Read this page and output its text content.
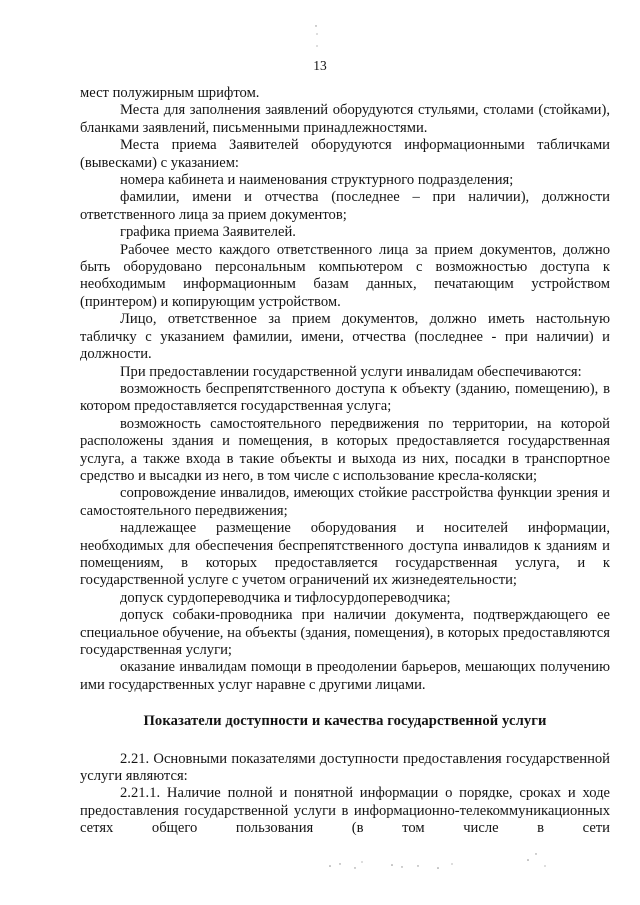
13

мест полужирным шрифтом.

Места для заполнения заявлений оборудуются стульями, столами (стойками), бланками заявлений, письменными принадлежностями.

Места приема Заявителей оборудуются информационными табличками (вывесками) с указанием:

номера кабинета и наименования структурного подразделения;

фамилии, имени и отчества (последнее – при наличии), должности ответственного лица за прием документов;

графика приема Заявителей.

Рабочее место каждого ответственного лица за прием документов, должно быть оборудовано персональным компьютером с возможностью доступа к необходимым информационным базам данных, печатающим устройством (принтером) и копирующим устройством.

Лицо, ответственное за прием документов, должно иметь настольную табличку с указанием фамилии, имени, отчества (последнее - при наличии) и должности.

При предоставлении государственной услуги инвалидам обеспечиваются:

возможность беспрепятственного доступа к объекту (зданию, помещению), в котором предоставляется государственная услуга;

возможность самостоятельного передвижения по территории, на которой расположены здания и помещения, в которых предоставляется государственная услуга, а также входа в такие объекты и выхода из них, посадки в транспортное средство и высадки из него, в том числе с использование кресла-коляски;

сопровождение инвалидов, имеющих стойкие расстройства функции зрения и самостоятельного передвижения;

надлежащее размещение оборудования и носителей информации, необходимых для обеспечения беспрепятственного доступа инвалидов к зданиям и помещениям, в которых предоставляется государственная услуга, и к государственной услуге с учетом ограничений их жизнедеятельности;

допуск сурдопереводчика и тифлосурдопереводчика;

допуск собаки-проводника при наличии документа, подтверждающего ее специальное обучение, на объекты (здания, помещения), в которых предоставляются государственная услуги;

оказание инвалидам помощи в преодолении барьеров, мешающих получению ими государственных услуг наравне с другими лицами.

Показатели доступности и качества государственной услуги

2.21. Основными показателями доступности предоставления государственной услуги являются:

2.21.1. Наличие полной и понятной информации о порядке, сроках и ходе предоставления государственной услуги в информационно-телекоммуникационных сетях общего пользования (в том числе в сети
